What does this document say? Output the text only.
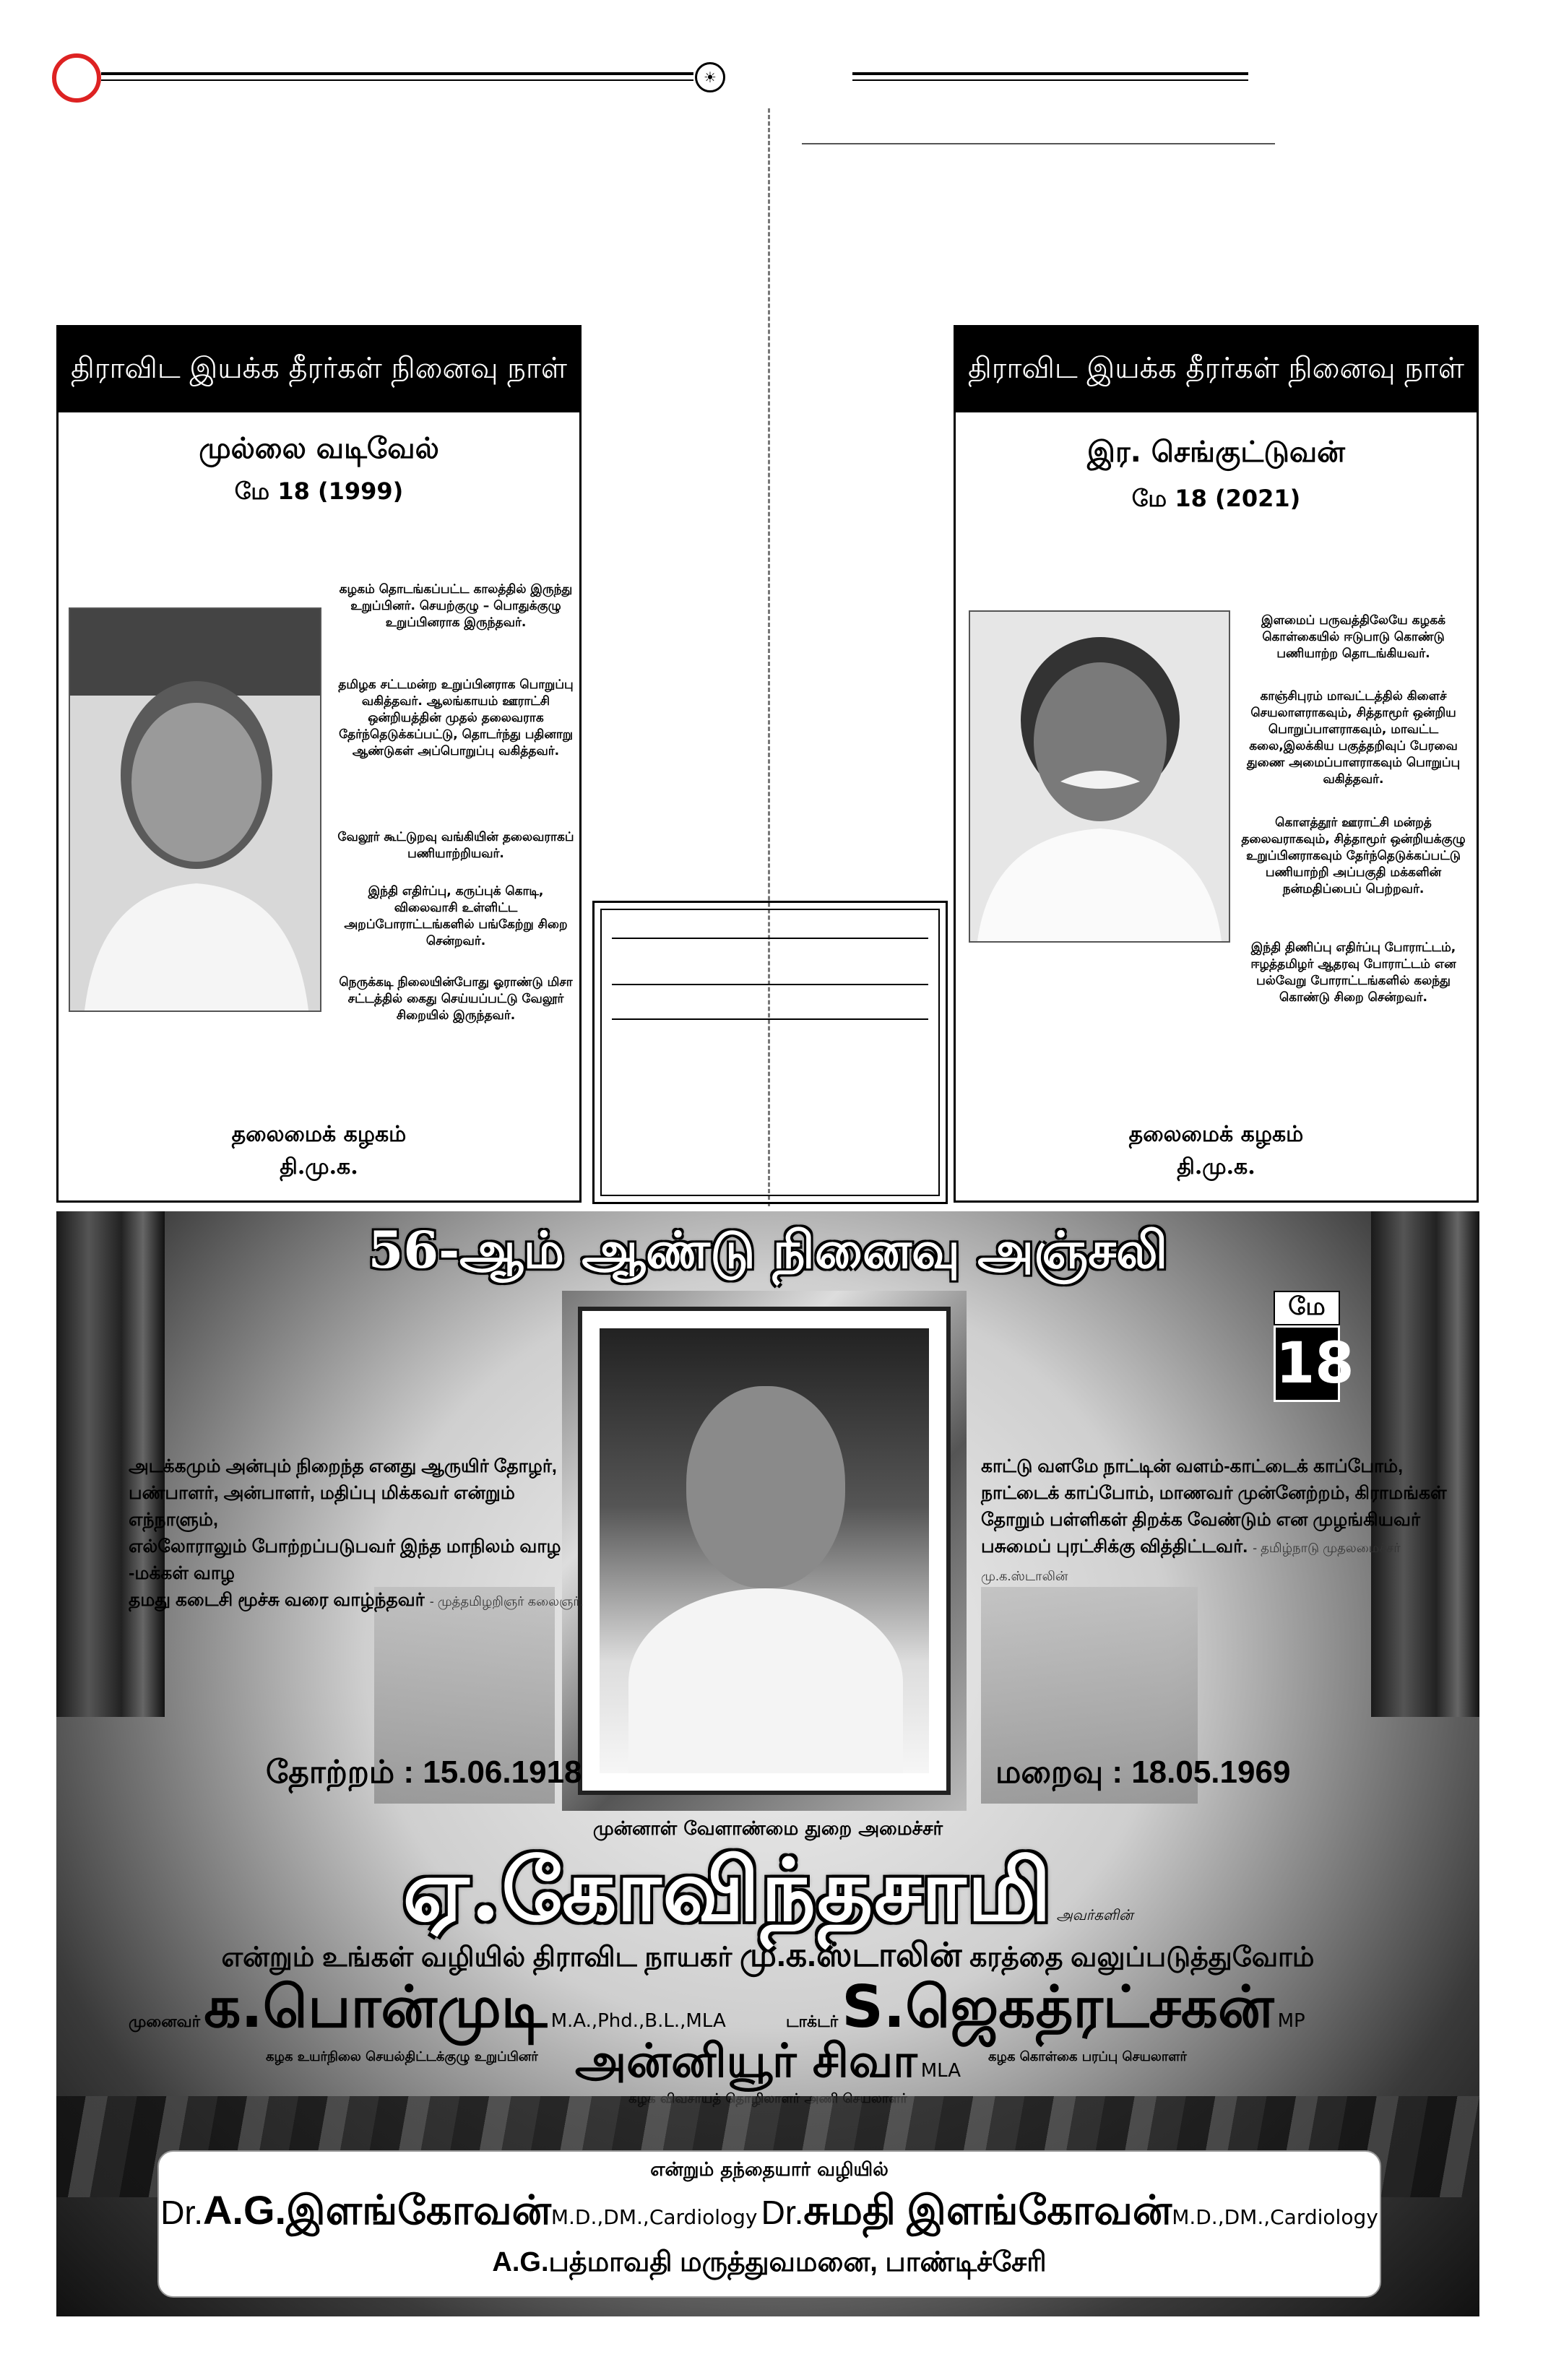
☀
திராவிட இயக்க தீரர்கள் நினைவு நாள்
முல்லை வடிவேல்
மே 18 (1999)
கழகம் தொடங்கப்பட்ட காலத்தில் இருந்து உறுப்பினர். செயற்குழு – பொதுக்குழு உறுப்பினராக இருந்தவர்.
தமிழக சட்டமன்ற உறுப்பினராக பொறுப்பு வகித்தவர். ஆலங்காயம் ஊராட்சி ஒன்றியத்தின் முதல் தலைவராக தேர்ந்தெடுக்கப்பட்டு, தொடர்ந்து பதினாறு ஆண்டுகள் அப்பொறுப்பு வகித்தவர்.
வேலூர் கூட்டுறவு வங்கியின் தலைவராகப் பணியாற்றியவர்.
இந்தி எதிர்ப்பு, கருப்புக் கொடி, விலைவாசி உள்ளிட்ட அறப்போராட்டங்களில் பங்கேற்று சிறை சென்றவர்.
நெருக்கடி நிலையின்போது ஓராண்டு மிசா சட்டத்தில் கைது செய்யப்பட்டு வேலூர் சிறையில் இருந்தவர்.
தலைமைக் கழகம்
தி.மு.க.
திராவிட இயக்க தீரர்கள் நினைவு நாள்
இர. செங்குட்டுவன்
மே 18 (2021)
இளமைப் பருவத்திலேயே கழகக் கொள்கையில் ஈடுபாடு கொண்டு பணியாற்ற தொடங்கியவர்.
காஞ்சிபுரம் மாவட்டத்தில் கிளைச் செயலாளராகவும், சித்தாமூர் ஒன்றிய பொறுப்பாளராகவும், மாவட்ட கலை,இலக்கிய பகுத்தறிவுப் பேரவை துணை அமைப்பாளராகவும் பொறுப்பு வகித்தவர்.
கொளத்தூர் ஊராட்சி மன்றத் தலைவராகவும், சித்தாமூர் ஒன்றியக்குழு உறுப்பினராகவும் தேர்ந்தெடுக்கப்பட்டு பணியாற்றி அப்பகுதி மக்களின் நன்மதிப்பைப் பெற்றவர்.
இந்தி திணிப்பு எதிர்ப்பு போராட்டம், ஈழத்தமிழர் ஆதரவு போராட்டம் என பல்வேறு போராட்டங்களில் கலந்து கொண்டு சிறை சென்றவர்.
தலைமைக் கழகம்
தி.மு.க.
56-ஆம் ஆண்டு நினைவு அஞ்சலி
மே
18
அடக்கமும் அன்பும் நிறைந்த எனது ஆருயிர் தோழர்,
பண்பாளர், அன்பாளர், மதிப்பு மிக்கவர் என்றும் எந்நாளும்,
எல்லோராலும் போற்றப்படுபவர் இந்த மாநிலம் வாழ -மக்கள் வாழ
தமது கடைசி மூச்சு வரை வாழ்ந்தவர் - முத்தமிழறிஞர் கலைஞர்.
காட்டு வளமே நாட்டின் வளம்-காட்டைக் காப்போம்,
நாட்டைக் காப்போம், மாணவர் முன்னேற்றம், கிராமங்கள்
தோறும் பள்ளிகள் திறக்க வேண்டும் என முழங்கியவர்
பசுமைப் புரட்சிக்கு வித்திட்டவர். - தமிழ்நாடு முதலமைச்சர் மு.க.ஸ்டாலின்
தோற்றம் : 15.06.1918	மறைவு : 18.05.1969
முன்னாள் வேளாண்மை துறை அமைச்சர்
ஏ.கோவிந்தசாமி அவர்களின்
என்றும் உங்கள் வழியில் திராவிட நாயகர் மு.க.ஸ்டாலின் கரத்தை வலுப்படுத்துவோம்
முனைவர் க.பொன்முடி M.A.,Phd.,B.L.,MLA
கழக உயர்நிலை செயல்திட்டக்குழு உறுப்பினர்
டாக்டர் S.ஜெகத்ரட்சகன் MP
கழக கொள்கை பரப்பு செயலாளர்
அன்னியூர் சிவா MLA
என்றும் தந்தையார் வழியில்
Dr.A.G.இளங்கோவன்M.D.,DM.,Cardiology Dr.சுமதி இளங்கோவன்M.D.,DM.,Cardiology
A.G.பத்மாவதி மருத்துவமனை, பாண்டிச்சேரி
